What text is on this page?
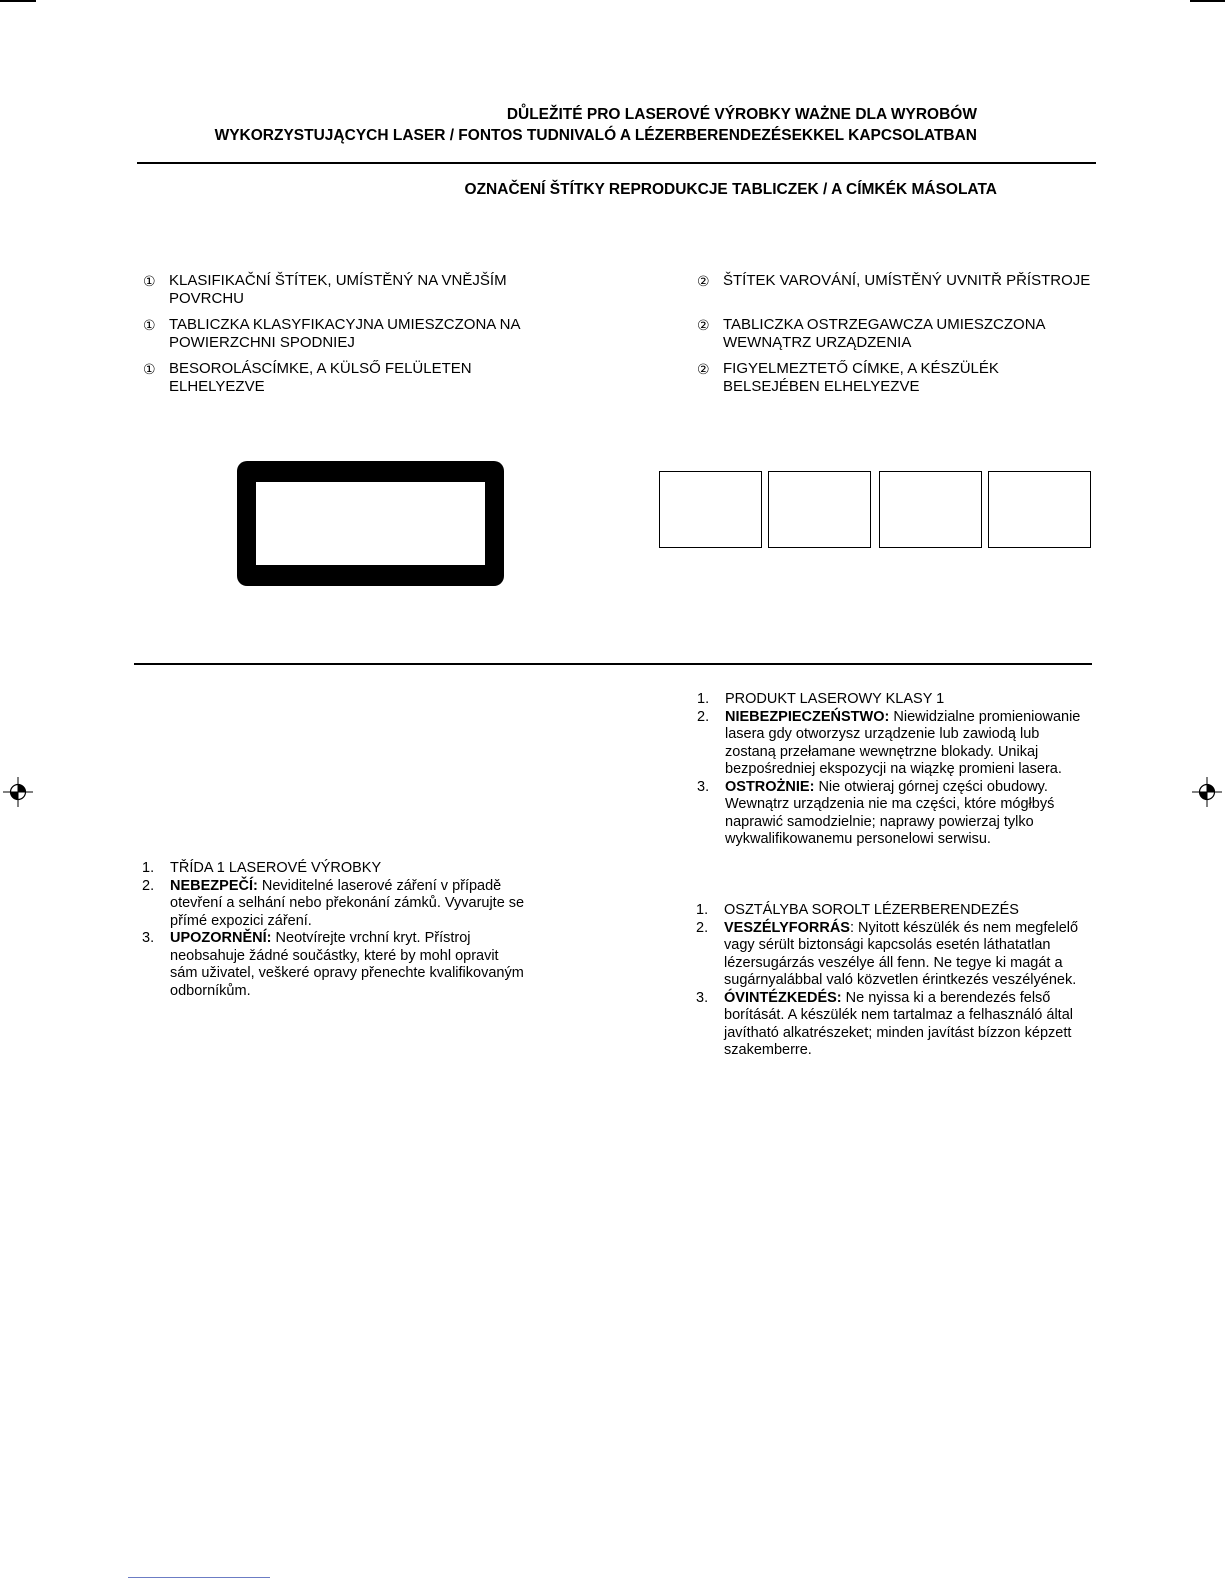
DŮLEŽITÉ PRO LASEROVÉ VÝROBKY WAŻNE DLA WYROBÓW
WYKORZYSTUJĄCYCH LASER / FONTOS TUDNIVALÓ A LÉZERBERENDEZÉSEKKEL KAPCSOLATBAN
OZNAČENÍ ŠTÍTKY REPRODUKCJE TABLICZEK / A CÍMKÉK MÁSOLATA
① KLASIFIKAČNÍ ŠTÍTEK, UMÍSTĚNÝ NA VNĚJŠÍM POVRCHU
① TABLICZKA KLASYFIKACYJNA UMIESZCZONA NA POWIERZCHNI SPODNIEJ
① BESOROLÁSCÍMKE, A KÜLSŐ FELÜLETEN ELHELYEZVE
② ŠTÍTEK VAROVÁNÍ, UMÍSTĚNÝ UVNITŘ PŘÍSTROJE
② TABLICZKA OSTRZEGAWCZA UMIESZCZONA WEWNĄTRZ URZĄDZENIA
② FIGYELMEZTETŐ CÍMKE, A KÉSZÜLÉK BELSEJÉBEN ELHELYEZVE
1. PRODUKT LASEROWY KLASY 1
2. NIEBEZPIECZEŃSTWO: Niewidzialne promieniowanie lasera gdy otworzysz urządzenie lub zawiodą lub zostaną przełamane wewnętrzne blokady. Unikaj bezpośredniej ekspozycji na wiązkę promieni lasera.
3. OSTROŻNIE: Nie otwieraj górnej części obudowy. Wewnątrz urządzenia nie ma części, które mógłbyś naprawić samodzielnie; naprawy powierzaj tylko wykwalifikowanemu personelowi serwisu.
1. TŘÍDA 1 LASEROVÉ VÝROBKY
2. NEBEZPEČÍ: Neviditelné laserové záření v případě otevření a selhání nebo překonání zámků. Vyvarujte se přímé expozici záření.
3. UPOZORNĚNÍ: Neotvírejte vrchní kryt. Přístroj neobsahuje žádné součástky, které by mohl opravit sám uživatel, veškeré opravy přenechte kvalifikovaným odborníkům.
1. OSZTÁLYBA SOROLT LÉZERBERENDEZÉS
2. VESZÉLYFORRÁS: Nyitott készülék és nem megfelelő vagy sérült biztonsági kapcsolás esetén láthatatlan lézersugárzás veszélye áll fenn. Ne tegye ki magát a sugárnyalábbal való közvetlen érintkezés veszélyének.
3. ÓVINTÉZKEDÉS: Ne nyissa ki a berendezés felső borítását. A készülék nem tartalmaz a felhasználó által javítható alkatrészeket; minden javítást bízzon képzett szakemberre.
